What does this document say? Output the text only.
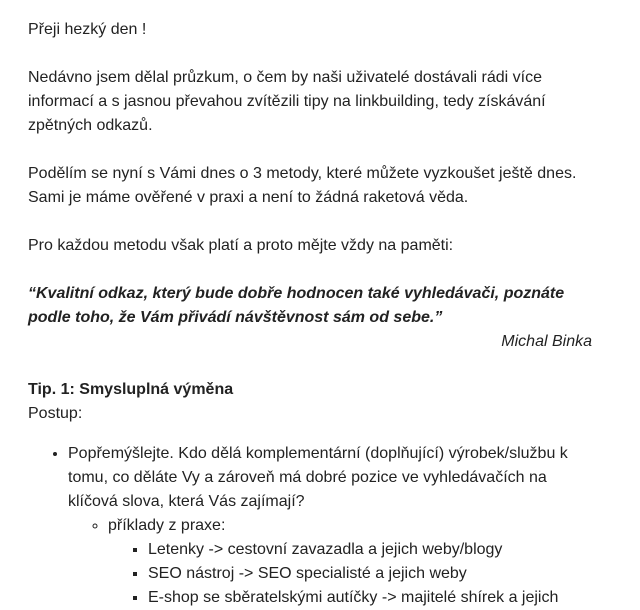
Přeji hezký den !

Nedávno jsem dělal průzkum, o čem by naši uživatelé dostávali rádi více informací a s jasnou převahou zvítězili tipy na linkbuilding, tedy získávání zpětných odkazů.

Podělím se nyní s Vámi dnes o 3 metody, které můžete vyzkoušet ještě dnes. Sami je máme ověřené v praxi a není to žádná raketová věda.

Pro každou metodu však platí a proto mějte vždy na paměti:

“Kvalitní odkaz, který bude dobře hodnocen také vyhledávači, poznáte podle toho, že Vám přivádí návštěvnost sám od sebe.”

Michal Binka

Tip. 1: Smysluplná výměna

Postup:

• Popřemýšlejte. Kdo dělá komplementární (doplňující) výrobek/službu k tomu, co děláte Vy a zároveň má dobré pozice ve vyhledávačích na klíčová slova, která Vás zajímají?
◦ příklady z praxe:
▪ Letenky -> cestovní zavazadla a jejich weby/blogy
▪ SEO nástroj -> SEO specialisté a jejich weby
▪ E-shop se sběratelskými autíčky -> majitelé shírek a jejich
